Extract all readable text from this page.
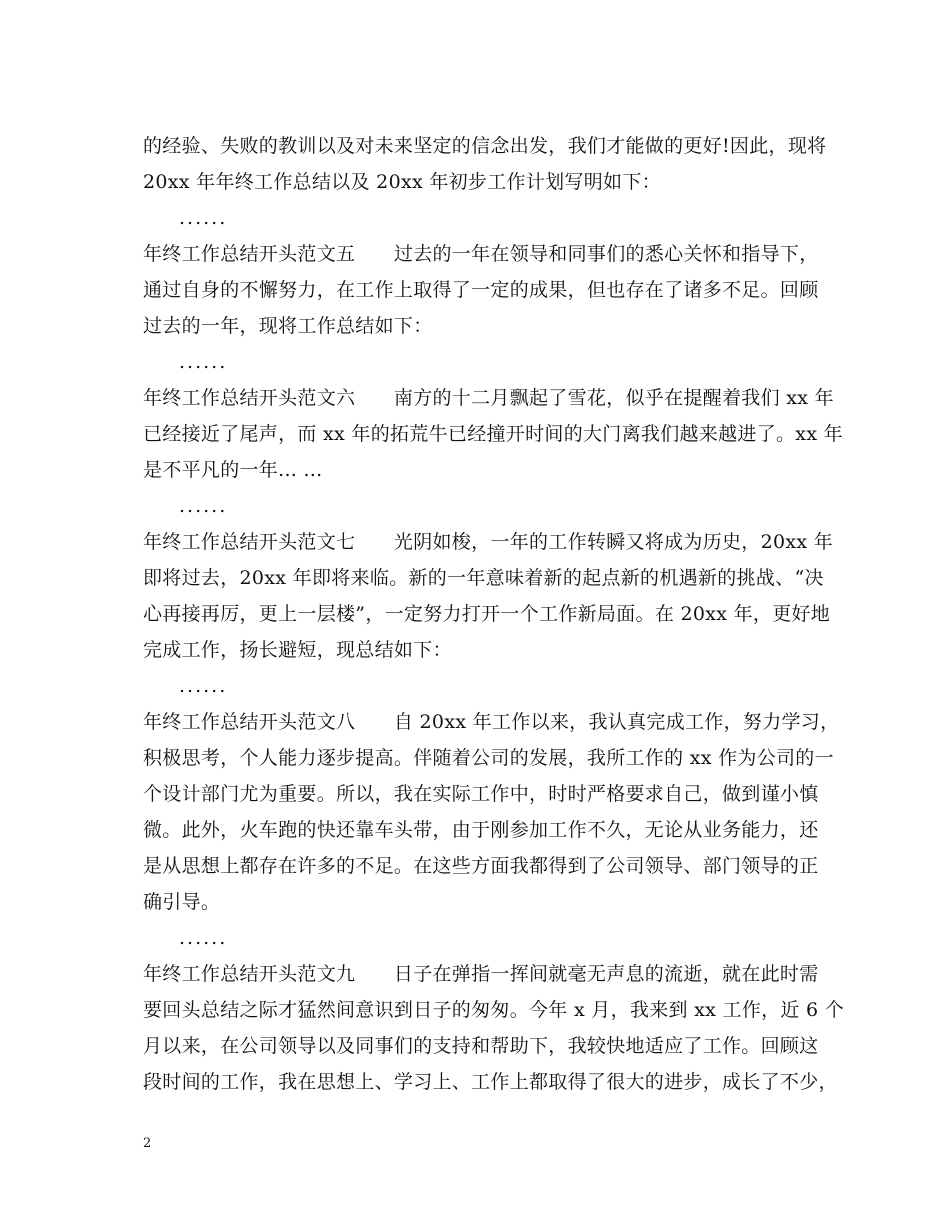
的经验、失败的教训以及对未来坚定的信念出发，我们才能做的更好!因此，现将
20xx 年年终工作总结以及 20xx 年初步工作计划写明如下：
......
年终工作总结开头范文五　　过去的一年在领导和同事们的悉心关怀和指导下，
通过自身的不懈努力，在工作上取得了一定的成果，但也存在了诸多不足。回顾
过去的一年，现将工作总结如下：
......
年终工作总结开头范文六　　南方的十二月飘起了雪花，似乎在提醒着我们 xx 年
已经接近了尾声，而 xx 年的拓荒牛已经撞开时间的大门离我们越来越进了。xx 年
是不平凡的一年... ...
......
年终工作总结开头范文七　　光阴如梭，一年的工作转瞬又将成为历史，20xx 年
即将过去，20xx 年即将来临。新的一年意味着新的起点新的机遇新的挑战、“决
心再接再厉，更上一层楼”，一定努力打开一个工作新局面。在 20xx 年，更好地
完成工作，扬长避短，现总结如下：
......
年终工作总结开头范文八　　自 20xx 年工作以来，我认真完成工作，努力学习，
积极思考，个人能力逐步提高。伴随着公司的发展，我所工作的 xx 作为公司的一
个设计部门尤为重要。所以，我在实际工作中，时时严格要求自己，做到谨小慎
微。此外，火车跑的快还靠车头带，由于刚参加工作不久，无论从业务能力，还
是从思想上都存在许多的不足。在这些方面我都得到了公司领导、部门领导的正
确引导。
......
年终工作总结开头范文九　　日子在弹指一挥间就毫无声息的流逝，就在此时需
要回头总结之际才猛然间意识到日子的匆匆。今年 x 月，我来到 xx 工作，近 6 个
月以来，在公司领导以及同事们的支持和帮助下，我较快地适应了工作。回顾这
段时间的工作，我在思想上、学习上、工作上都取得了很大的进步，成长了不少，
2
